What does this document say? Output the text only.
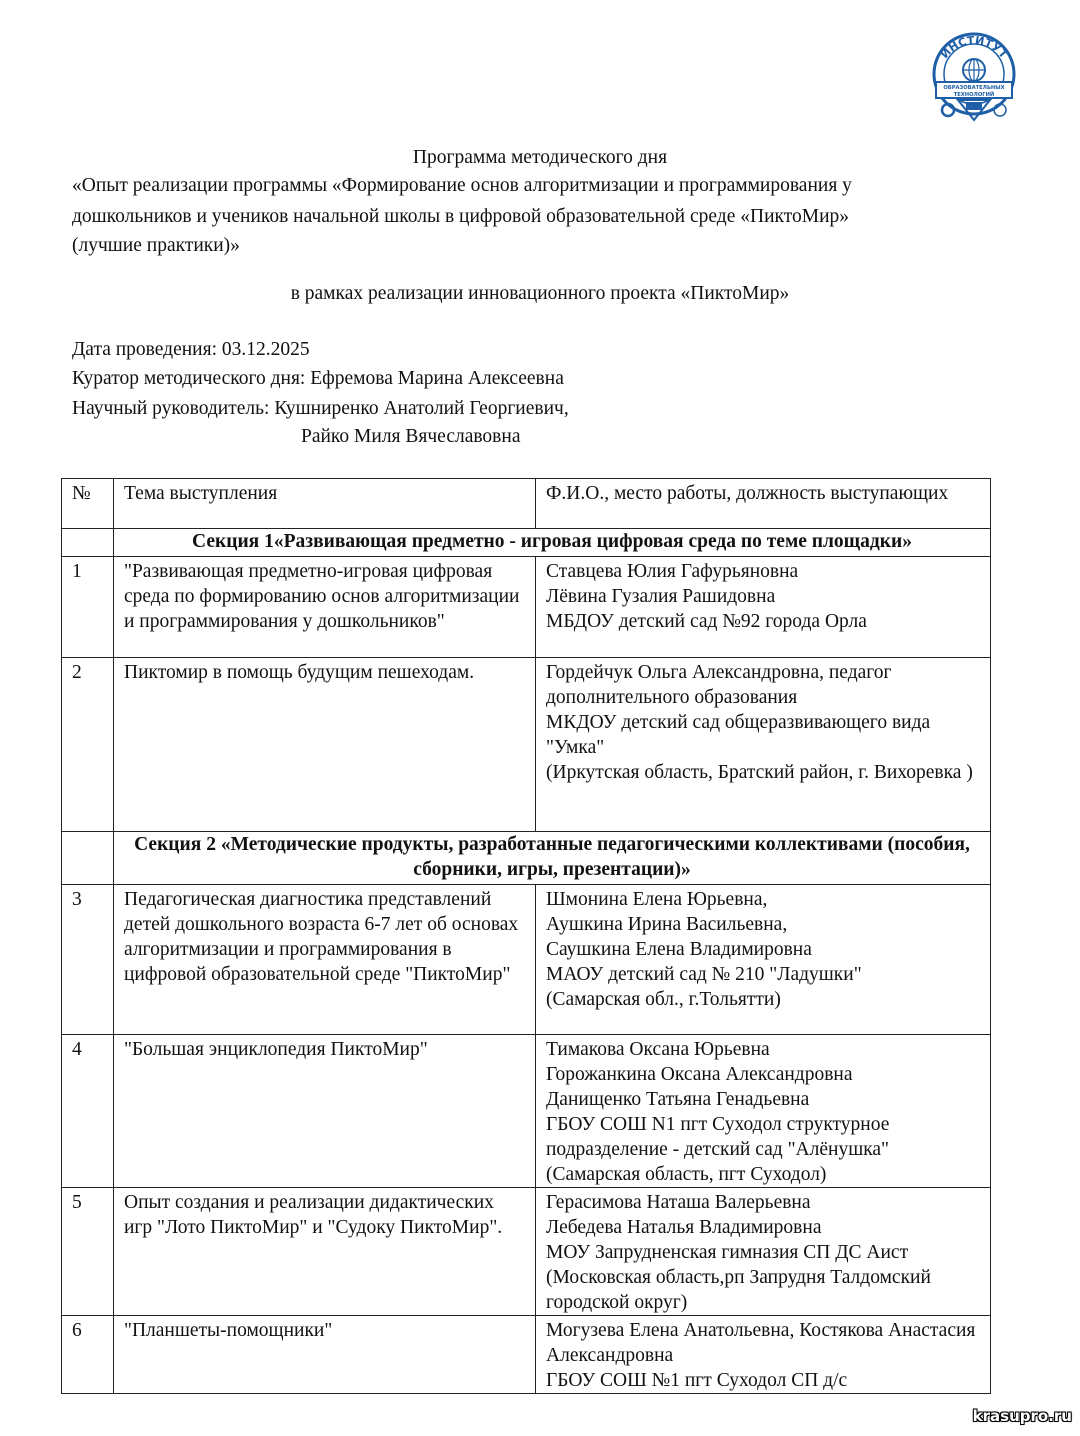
ИНСТИТУТ
ОБРАЗОВАТЕЛЬНЫХ
ТЕХНОЛОГИЙ
Программа методического дня
«Опыт реализации программы «Формирование основ алгоритмизации и программирования у
дошкольников и учеников начальной школы в цифровой образовательной среде «ПиктоМир»
(лучшие практики)»
в рамках реализации инновационного проекта «ПиктоМир»
Дата проведения: 03.12.2025
Куратор методического дня: Ефремова Марина Алексеевна
Научный руководитель: Кушниренко Анатолий Георгиевич,
Райко Миля Вячеславовна
№	Тема выступления	Ф.И.О., место работы, должность выступающих
	Секция 1«Развивающая предметно - игровая цифровая среда по теме площадки»	
1	"Развивающая предметно-игровая цифровая среда по формированию основ алгоритмизации и программирования у дошкольников"	Ставцева Юлия Гафурьяновна
Лёвина Гузалия Рашидовна
МБДОУ детский сад №92 города Орла

2	Пиктомир в помощь будущим пешеходам.	Гордейчук Ольга Александровна, педагог дополнительного образования
МКДОУ детский сад общеразвивающего вида "Умка"
(Иркутская область, Братский район, г. Вихоревка )

	Секция 2 «Методические продукты, разработанные педагогическими коллективами (пособия, сборники, игры, презентации)»	
3	Педагогическая диагностика представлений детей дошкольного возраста 6-7 лет об основах алгоритмизации и программирования в цифровой образовательной среде "ПиктоМир"	Шмонина Елена Юрьевна,
Аушкина Ирина Васильевна,
Саушкина Елена Владимировна
МАОУ детский сад № 210 "Ладушки"
(Самарская обл., г.Тольятти)

4	"Большая энциклопедия ПиктоМир"	Тимакова Оксана Юрьевна
Горожанкина Оксана Александровна
Данищенко Татьяна Генадьевна
ГБОУ СОШ N1 пгт Суходол структурное подразделение - детский сад "Алёнушка"
(Самарская область, пгт Суходол)

5	Опыт создания и реализации дидактических игр "Лото ПиктоМир" и "Судоку ПиктоМир".	Герасимова Наташа Валерьевна
Лебедева Наталья Владимировна
МОУ Запрудненская гимназия СП ДС Аист
(Московская область,рп Запрудня Талдомский городской округ)

6	"Планшеты-помощники"	Могузева Елена Анатольевна, Костякова Анастасия Александровна
ГБОУ СОШ №1 пгт Суходол СП д/с
krasupro.ru
